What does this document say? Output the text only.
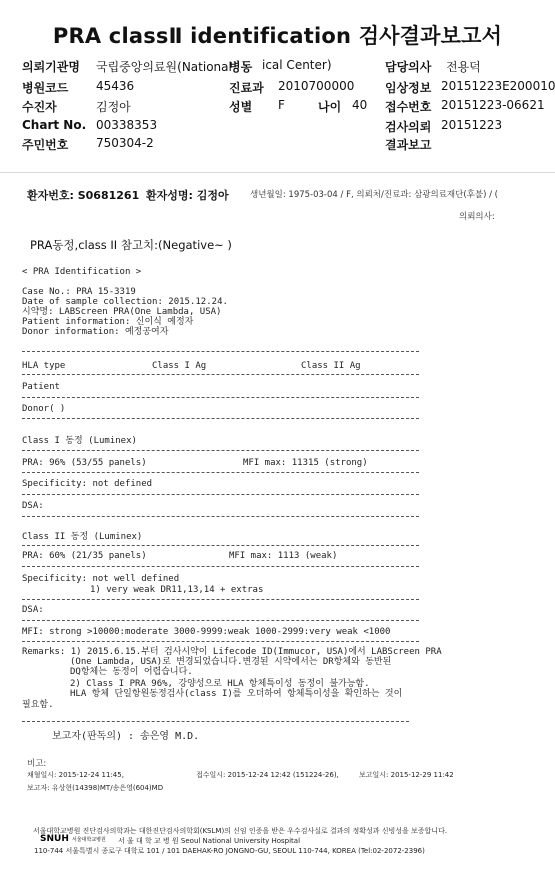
PRA classⅡ identification 검사결과보고서
의뢰기관명 국립중앙의료원(National
병동 ical Center)	담당의사 전용덕
병원코드 45436	진료과 2010700000	임상정보 20151223E200010
수진자	김정아	성별 F	나이 40 접수번호 20151223-06621
Chart No. 00338353	검사의뢰 20151223
주민번호 750304-2	결과보고
환자번호: S0681261 환자성명: 김정아	생년월일: 1975-03-04 / F, 의뢰처/진료과: 삼광의료재단(후불) / (
의뢰의사:
PRA동정,class II 참고치:(Negative~ )
< PRA Identification >
Case No.: PRA 15-3319
Date of sample collection: 2015.12.24.
시약명: LABScreen PRA(One Lambda, USA)
Patient information: 신이식 예정자
Donor information: 예정공여자
HLA type	Class I Ag	Class II Ag
Patient
Donor( )
Class I 동정 (Luminex)
PRA: 96% (53/55 panels)	MFI max: 11315 (strong)
Specificity: not defined
DSA:
Class II 동정 (Luminex)
PRA: 60% (21/35 panels)	MFI max: 1113 (weak)
Specificity: not well defined
1) very weak DR11,13,14 + extras
DSA:
MFI: strong >10000:moderate 3000-9999:weak 1000-2999:very weak <1000
Remarks: 1) 2015.6.15.부터 검사시약이 Lifecode ID(Immucor, USA)에서 LABScreen PRA
(One Lambda, USA)로 변경되었습니다.변경된 시약에서는 DR항체와 동반된
DQ항체는 동정이 어렵습니다.
2) Class I PRA 96%, 강양성으로 HLA 항체특이성 동정이 불가능함.
HLA 항체 단일항원동정검사(class I)를 오더하여 항체특이성을 확인하는 것이
필요함.
보고자(판독의) : 송은영 M.D.
비고:
채혈일시: 2015-12-24 11:45,	접수일시: 2015-12-24 12:42 (151224-26),	보고일시: 2015-12-29 11:42
보고자: 유상현(14398)MT/송은영(604)MD
서울대학교병원 진단검사의학과는 대한진단검사의학회(KSLM)의 신임 인증을 받은 우수검사실로 결과의 정확성과 신빙성을 보증합니다.
SNUH 서울대학교병원 서 울 대 학 교 병 원 Seoul National University Hospital
110-744 서울특별시 종로구 대학로 101 / 101 DAEHAK-RO JONGNO-GU, SEOUL 110-744, KOREA (Tel:02-2072-2396)
